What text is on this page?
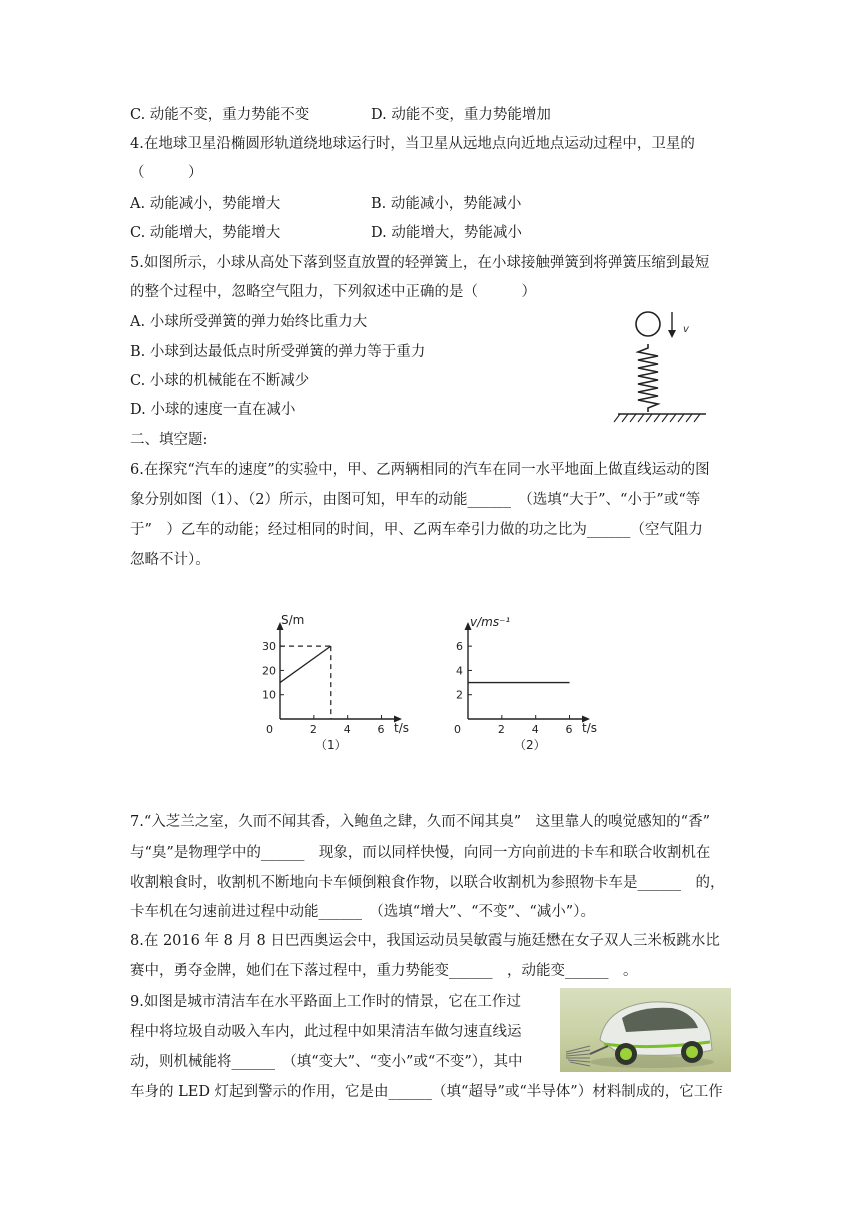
C. 动能不变，重力势能不变	D. 动能不变，重力势能增加
4.在地球卫星沿椭圆形轨道绕地球运行时，当卫星从远地点向近地点运动过程中，卫星的
（　　　）
A. 动能减小，势能增大	B. 动能减小，势能减小
C. 动能增大，势能增大	D. 动能增大，势能减小
5.如图所示，小球从高处下落到竖直放置的轻弹簧上，在小球接触弹簧到将弹簧压缩到最短
的整个过程中，忽略空气阻力，下列叙述中正确的是（　　　）
A. 小球所受弹簧的弹力始终比重力大
B. 小球到达最低点时所受弹簧的弹力等于重力
C. 小球的机械能在不断减少
D. 小球的速度一直在减小
v
二、填空题:
6.在探究“汽车的速度”的实验中，甲、乙两辆相同的汽车在同一水平地面上做直线运动的图
象分别如图（1）、（2）所示，由图可知，甲车的动能______　（选填“大于”、“小于”或“等
于”　）乙车的动能；经过相同的时间，甲、乙两车牵引力做的功之比为______（空气阻力
忽略不计）。
0	2 4 6
10
20
30
S/m
t/s
（1）
0	2 4 6
2
4
6
v/ms⁻¹
t/s
（2）
7.“入芝兰之室，久而不闻其香，入鲍鱼之肆，久而不闻其臭”　这里靠人的嗅觉感知的“香”
与“臭”是物理学中的______　现象，而以同样快慢，向同一方向前进的卡车和联合收割机在
收割粮食时，收割机不断地向卡车倾倒粮食作物，以联合收割机为参照物卡车是______　的，
卡车机在匀速前进过程中动能______　（选填“增大”、“不变”、“减小”）。
8.在 2016 年 8 月 8 日巴西奥运会中，我国运动员吴敏霞与施廷懋在女子双人三米板跳水比
赛中，勇夺金牌，她们在下落过程中，重力势能变______　，动能变______　。
9.如图是城市清洁车在水平路面上工作时的情景，它在工作过
程中将垃圾自动吸入车内，此过程中如果清洁车做匀速直线运
动，则机械能将______　（填“变大”、“变小”或“不变”），其中
车身的 LED 灯起到警示的作用，它是由______（填“超导”或“半导体”）材料制成的，它工作
